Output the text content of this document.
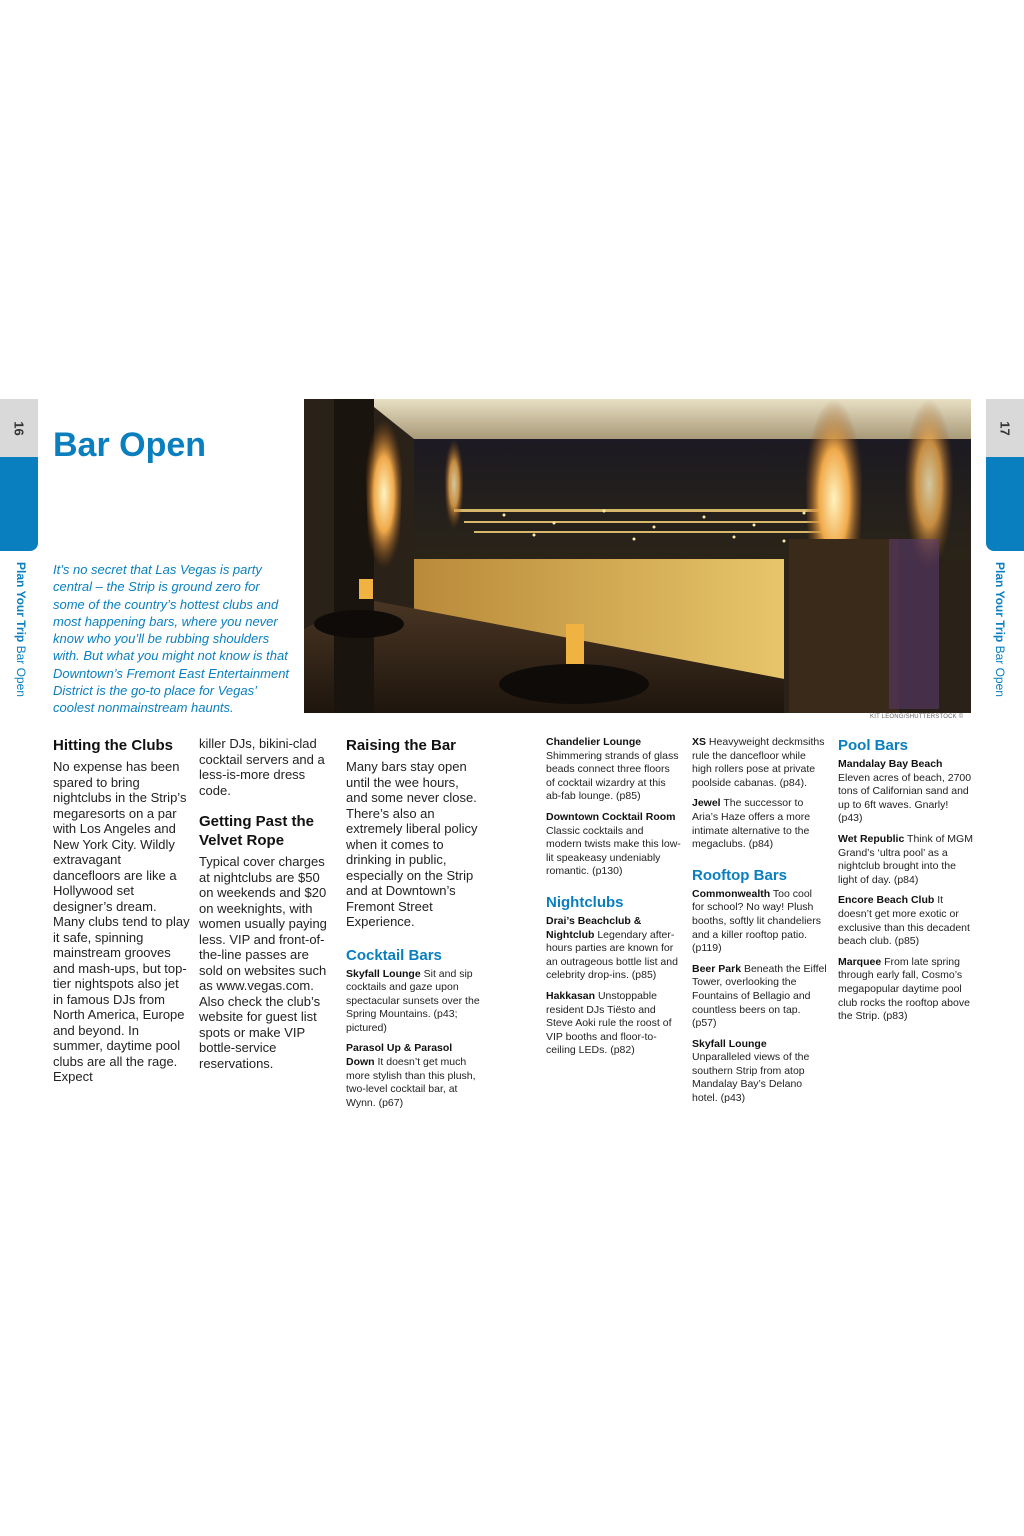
16
Plan Your Trip Bar Open
17
Plan Your Trip Bar Open
Bar Open

It’s no secret that Las Vegas is party central – the Strip is ground zero for some of the country’s hottest clubs and most happening bars, where you never know who you’ll be rubbing shoulders with. But what you might not know is that Downtown’s Fremont East Entertainment District is the go-to place for Vegas’ coolest nonmainstream haunts.

KIT LEONG/SHUTTERSTOCK ©
Hitting the Clubs

No expense has been spared to bring nightclubs in the Strip’s megaresorts on a par with Los Angeles and New York City. Wildly extravagant dancefloors are like a Hollywood set designer’s dream. Many clubs tend to play it safe, spinning mainstream grooves and mash-ups, but top-tier nightspots also jet in famous DJs from North America, Europe and beyond. In summer, daytime pool clubs are all the rage. Expect

killer DJs, bikini-clad cocktail servers and a less-is-more dress code.

Getting Past the Velvet Rope

Typical cover charges at nightclubs are $50 on weekends and $20 on weeknights, with women usually paying less. VIP and front-of-the-line passes are sold on websites such as www.vegas.com. Also check the club’s website for guest list spots or make VIP bottle-service reservations.

Raising the Bar

Many bars stay open until the wee hours, and some never close. There’s also an extremely liberal policy when it comes to drinking in public, especially on the Strip and at Downtown’s Fremont Street Experience.

Cocktail Bars

Skyfall Lounge Sit and sip cocktails and gaze upon spectacular sunsets over the Spring Mountains. (p43; pictured)

Parasol Up & Parasol Down It doesn’t get much more stylish than this plush, two-level cocktail bar, at Wynn. (p67)

Chandelier Lounge Shimmering strands of glass beads connect three floors of cocktail wizardry at this ab-fab lounge. (p85)

Downtown Cocktail Room Classic cocktails and modern twists make this low-lit speakeasy undeniably romantic. (p130)

Nightclubs

Drai’s Beachclub & Nightclub Legendary after-hours parties are known for an outrageous bottle list and celebrity drop-ins. (p85)

Hakkasan Unstoppable resident DJs Tiësto and Steve Aoki rule the roost of VIP booths and floor-to-ceiling LEDs. (p82)

XS Heavyweight deckmsiths rule the dancefloor while high rollers pose at private poolside cabanas. (p84).

Jewel The successor to Aria’s Haze offers a more intimate alternative to the megaclubs. (p84)

Rooftop Bars

Commonwealth Too cool for school? No way! Plush booths, softly lit chandeliers and a killer rooftop patio. (p119)

Beer Park Beneath the Eiffel Tower, overlooking the Fountains of Bellagio and countless beers on tap. (p57)

Skyfall Lounge Unparalleled views of the southern Strip from atop Mandalay Bay’s Delano hotel. (p43)

Pool Bars

Mandalay Bay Beach Eleven acres of beach, 2700 tons of Californian sand and up to 6ft waves. Gnarly! (p43)

Wet Republic Think of MGM Grand’s ‘ultra pool’ as a nightclub brought into the light of day. (p84)

Encore Beach Club It doesn’t get more exotic or exclusive than this decadent beach club. (p85)

Marquee From late spring through early fall, Cosmo’s megapopular daytime pool club rocks the rooftop above the Strip. (p83)
